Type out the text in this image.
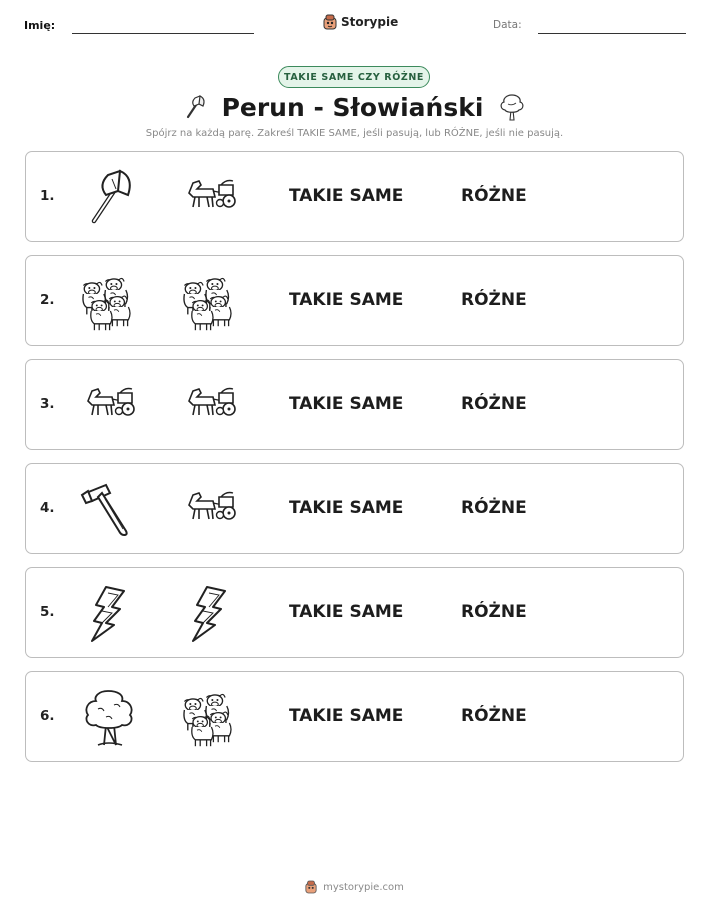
Imię:	Storypie	Data:
TAKIE SAME CZY RÓŻNE
Perun - Słowiański
Spójrz na każdą parę. Zakreśl TAKIE SAME, jeśli pasują, lub RÓŻNE, jeśli nie pasują.
1.	TAKIE SAME	RÓŻNE
2.	TAKIE SAME	RÓŻNE
3.	TAKIE SAME	RÓŻNE
4.	TAKIE SAME	RÓŻNE
5.	TAKIE SAME	RÓŻNE
6.	TAKIE SAME	RÓŻNE
mystorypie.com
